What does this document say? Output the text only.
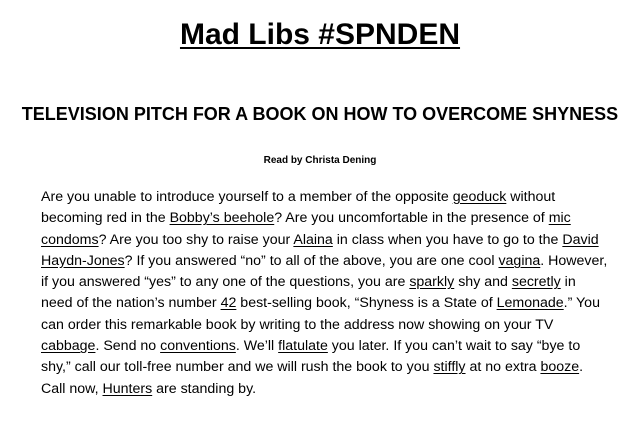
Mad Libs #SPNDEN
TELEVISION PITCH FOR A BOOK ON HOW TO OVERCOME SHYNESS

Read by Christa Dening

Are you unable to introduce yourself to a member of the opposite geoduck without becoming red in the Bobby’s beehole? Are you uncomfortable in the presence of mic condoms? Are you too shy to raise your Alaina in class when you have to go to the David Haydn-Jones? If you answered “no” to all of the above, you are one cool vagina. However, if you answered “yes” to any one of the questions, you are sparkly shy and secretly in need of the nation’s number 42 best-selling book, “Shyness is a State of Lemonade.” You can order this remarkable book by writing to the address now showing on your TV cabbage. Send no conventions. We’ll flatulate you later. If you can’t wait to say “bye to shy,” call our toll-free number and we will rush the book to you stiffly at no extra booze. Call now, Hunters are standing by.
